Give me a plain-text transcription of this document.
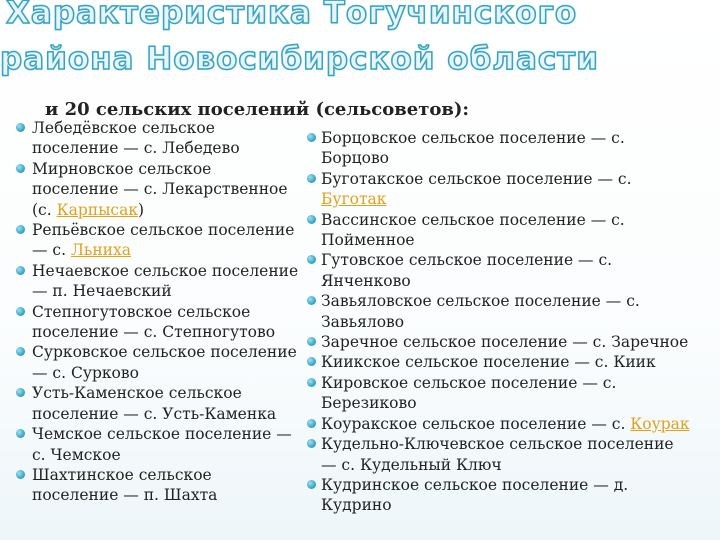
Характеристика Тогучинского
района Новосибирской области

и 20 сельских поселений (сельсоветов):

Лебедёвское сельское
поселение — с. Лебедево
Мирновское сельское
поселение — с. Лекарственное
(с. Карпысак)
Репьёвское сельское поселение
— с. Льниха
Нечаевское сельское поселение
— п. Нечаевский
Степногутовское сельское
поселение — с. Степногутово
Сурковское сельское поселение
— с. Сурково
Усть-Каменское сельское
поселение — с. Усть-Каменка
Чемское сельское поселение —
с. Чемское
Шахтинское сельское
поселение — п. Шахта
Борцовское сельское поселение — с.
Борцово
Буготакское сельское поселение — с.
Буготак
Вассинское сельское поселение — с.
Пойменное
Гутовское сельское поселение — с.
Янченково
Завьяловское сельское поселение — с.
Завьялово
Заречное сельское поселение — с. Заречное
Киикское сельское поселение — с. Киик
Кировское сельское поселение — с.
Березиково
Коуракское сельское поселение — с. Коурак
Кудельно-Ключевское сельское поселение
— с. Кудельный Ключ
Кудринское сельское поселение — д.
Кудрино
